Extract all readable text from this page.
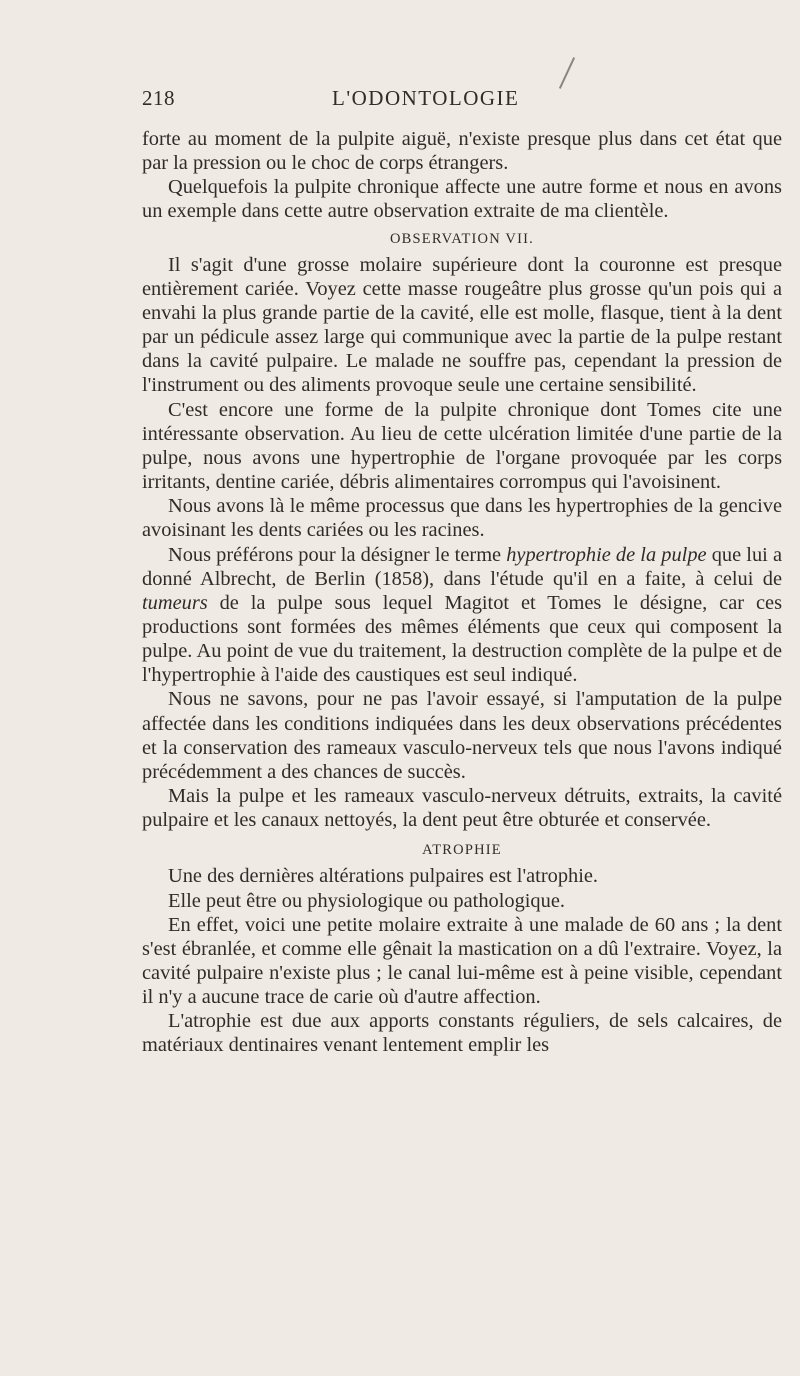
218	L'ODONTOLOGIE

forte au moment de la pulpite aiguë, n'existe presque plus dans cet état que par la pression ou le choc de corps étrangers.

Quelquefois la pulpite chronique affecte une autre forme et nous en avons un exemple dans cette autre observation extraite de ma clientèle.

OBSERVATION VII.

Il s'agit d'une grosse molaire supérieure dont la couronne est presque entièrement cariée. Voyez cette masse rougeâtre plus grosse qu'un pois qui a envahi la plus grande partie de la cavité, elle est molle, flasque, tient à la dent par un pédicule assez large qui communique avec la partie de la pulpe restant dans la cavité pulpaire. Le malade ne souffre pas, cependant la pression de l'instrument ou des aliments provoque seule une certaine sensibilité.

C'est encore une forme de la pulpite chronique dont Tomes cite une intéressante observation. Au lieu de cette ulcération limitée d'une partie de la pulpe, nous avons une hypertrophie de l'organe provoquée par les corps irritants, dentine cariée, débris alimentaires corrompus qui l'avoisinent.

Nous avons là le même processus que dans les hypertrophies de la gencive avoisinant les dents cariées ou les racines.

Nous préférons pour la désigner le terme hypertrophie de la pulpe que lui a donné Albrecht, de Berlin (1858), dans l'étude qu'il en a faite, à celui de tumeurs de la pulpe sous lequel Magitot et Tomes le désigne, car ces productions sont formées des mêmes éléments que ceux qui composent la pulpe. Au point de vue du traitement, la destruction complète de la pulpe et de l'hypertrophie à l'aide des caustiques est seul indiqué.

Nous ne savons, pour ne pas l'avoir essayé, si l'amputation de la pulpe affectée dans les conditions indiquées dans les deux observations précédentes et la conservation des rameaux vasculo-nerveux tels que nous l'avons indiqué précédemment a des chances de succès.

Mais la pulpe et les rameaux vasculo-nerveux détruits, extraits, la cavité pulpaire et les canaux nettoyés, la dent peut être obturée et conservée.

ATROPHIE

Une des dernières altérations pulpaires est l'atrophie.

Elle peut être ou physiologique ou pathologique.

En effet, voici une petite molaire extraite à une malade de 60 ans ; la dent s'est ébranlée, et comme elle gênait la mastication on a dû l'extraire. Voyez, la cavité pulpaire n'existe plus ; le canal lui-même est à peine visible, cependant il n'y a aucune trace de carie où d'autre affection.

L'atrophie est due aux apports constants réguliers, de sels calcaires, de matériaux dentinaires venant lentement emplir les
